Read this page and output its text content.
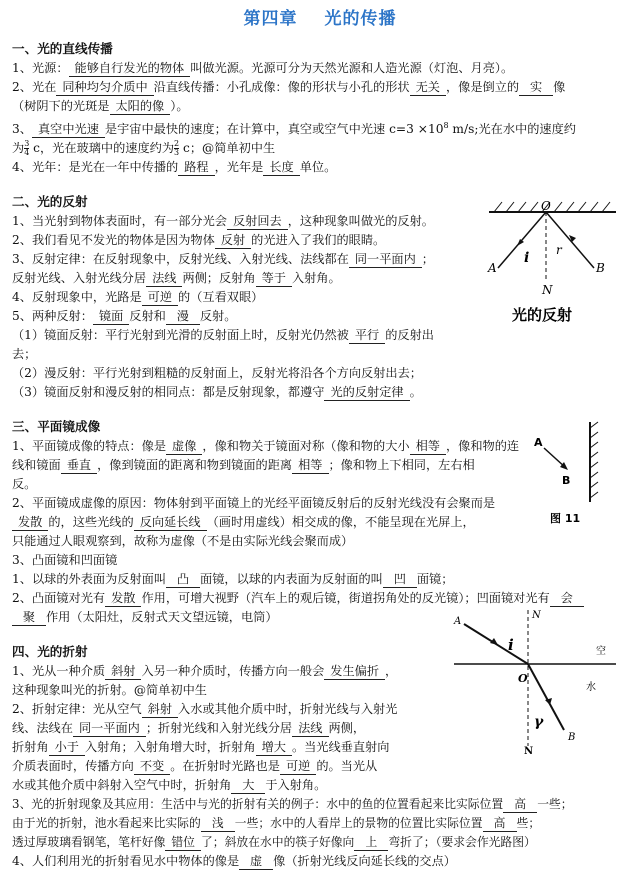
第四章 光的传播
一、光的直线传播
1、光源： 能够自行发光的物体 叫做光源。光源可分为天然光源和人造光源（灯泡、月亮）。
2、光在 同种均匀介质中 沿直线传播：小孔成像：像的形状与小孔的形状 无关 ，像是倒立的 实 像
（树阴下的光斑是 太阳的像 ）。
3、 真空中光速 是宇宙中最快的速度；在计算中，真空或空气中光速 $c=3 \times 10^8$ m/s;光在水中的速度约
为 $\frac{3}{4}$ c，光在玻璃中的速度约为 $\frac{2}{3}$ c；@简单初中生
4、光年：是光在一年中传播的 路程 ，光年是 长度 单位。
二、光的反射
1、当光射到物体表面时，有一部分光会 反射回去 ，这种现象叫做光的反射。
2、我们看见不发光的物体是因为物体 反射 的光进入了我们的眼睛。
3、反射定律：在反射现象中，反射光线、入射光线、法线都在 同一平面内 ；
反射光线、入射光线分居 法线 两侧；反射角 等于 入射角。
4、反射现象中，光路是 可逆 的（互看双眼）
5、两种反射： 镜面 反射和 漫 反射。
（1）镜面反射：平行光射到光滑的反射面上时，反射光仍然被 平行 的反射出
去；
（2）漫反射：平行光射到粗糙的反射面上，反射光将沿各个方向反射出去；
（3）镜面反射和漫反射的相同点：都是反射现象，都遵守 光的反射定律 。
三、平面镜成像
1、平面镜成像的特点：像是 虚像 ，像和物关于镜面对称（像和物的大小 相等 ，像和物的连
线和镜面 垂直 ，像到镜面的距离和物到镜面的距离 相等 ；像和物上下相同，左右相
反。
2、平面镜成虚像的原因：物体射到平面镜上的光经平面镜反射后的反射光线没有会聚而是
发散 的，这些光线的 反向延长线 （画时用虚线）相交成的像，不能呈现在光屏上，
只能通过人眼观察到，故称为虚像（不是由实际光线会聚而成）
3、凸面镜和凹面镜
1、以球的外表面为反射面叫 凸 面镜，以球的内表面为反射面的叫 凹 面镜；
2、凸面镜对光有 发散 作用，可增大视野（汽车上的观后镜，街道拐角处的反光镜）；凹面镜对光有 会
聚 作用（太阳灶，反射式天文望远镜，电筒）
四、光的折射
1、光从一种介质 斜射 入另一种介质时，传播方向一般会 发生偏折 ，
这种现象叫光的折射。@简单初中生
2、折射定律：光从空气 斜射 入水或其他介质中时，折射光线与入射光
线、法线在 同一平面内 ；折射光线和入射光线分居 法线 两侧，
折射角 小于 入射角；入射角增大时，折射角 增大 。当光线垂直射向
介质表面时，传播方向 不变 。在折射时光路也是 可逆 的。当光从
水或其他介质中斜射入空气中时，折射角 大 于入射角。
3、光的折射现象及其应用：生活中与光的折射有关的例子：水中的鱼的位置看起来比实际位置 高 一些；
由于光的折射，池水看起来比实际的 浅 一些；水中的人看岸上的景物的位置比实际位置 高 些；
透过厚玻璃看钢笔，笔杆好像 错位 了；斜放在水中的筷子好像向 上 弯折了；（要求会作光路图）
4、人们利用光的折射看见水中物体的像是 虚 像（折射光线反向延长线的交点）
O
N
A	B
i r
光的反射
A
B
图 11
A
N
i	空
O
水
γ
B
N
